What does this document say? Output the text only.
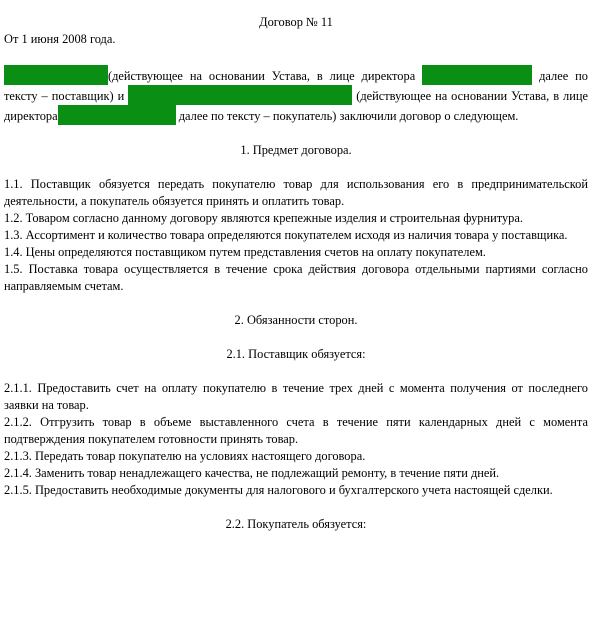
Договор № 11

От 1 июня 2008 года.

(действующее на основании Устава, в лице директора	далее по тексту – поставщик) и	(действующее на основании Устава, в лице директора	далее по тексту – покупатель) заключили договор о следующем.

1. Предмет договора.

1.1. Поставщик обязуется передать покупателю товар для использования его в предпринимательской деятельности, а покупатель обязуется принять и оплатить товар.

1.2. Товаром согласно данному договору являются крепежные изделия и строительная фурнитура.

1.3. Ассортимент и количество товара определяются покупателем исходя из наличия товара у поставщика.

1.4. Цены определяются поставщиком путем представления счетов на оплату покупателем.

1.5. Поставка товара осуществляется в течение срока действия договора отдельными партиями согласно направляемым счетам.

2. Обязанности сторон.

2.1. Поставщик обязуется:

2.1.1. Предоставить счет на оплату покупателю в течение трех дней с момента получения от последнего заявки на товар.

2.1.2. Отгрузить товар в объеме выставленного счета в течение пяти календарных дней с момента подтверждения покупателем готовности принять товар.

2.1.3. Передать товар покупателю на условиях настоящего договора.

2.1.4. Заменить товар ненадлежащего качества, не подлежащий ремонту, в течение пяти дней.

2.1.5. Предоставить необходимые документы для налогового и бухгалтерского учета настоящей сделки.

2.2. Покупатель обязуется:
